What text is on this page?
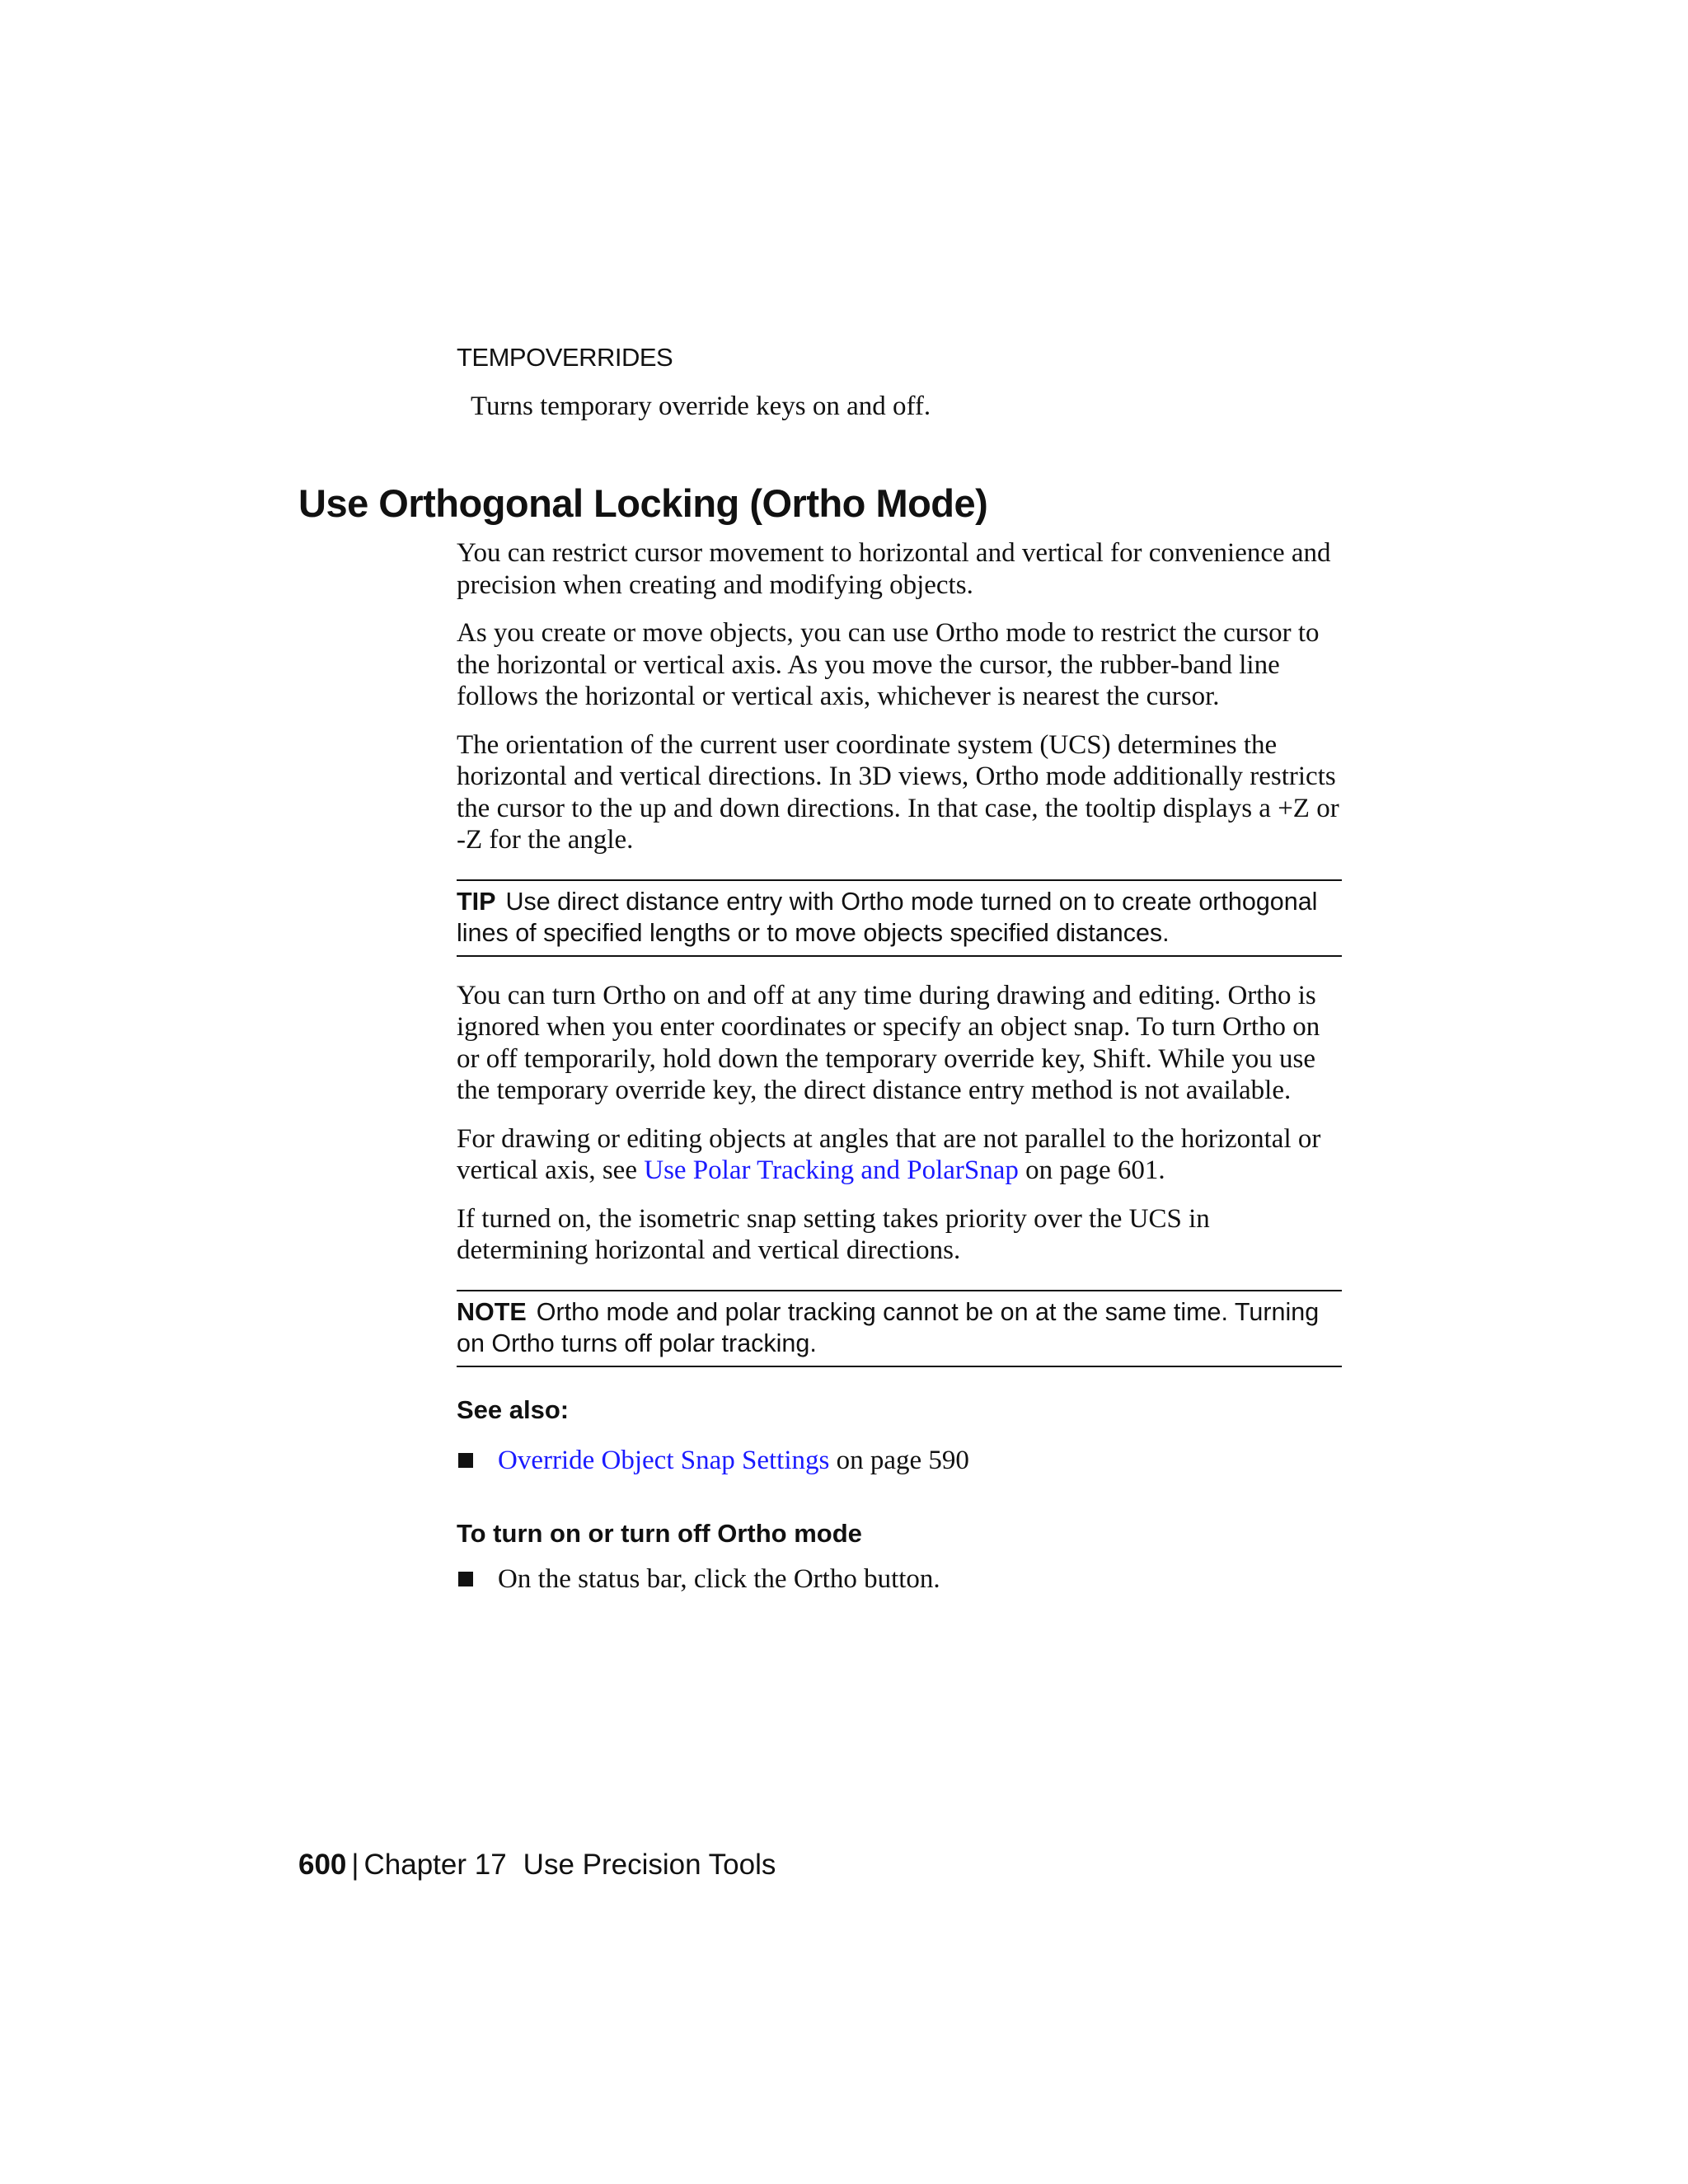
TEMPOVERRIDES
Turns temporary override keys on and off.
Use Orthogonal Locking (Ortho Mode)

You can restrict cursor movement to horizontal and vertical for convenience and precision when creating and modifying objects.

As you create or move objects, you can use Ortho mode to restrict the cursor to the horizontal or vertical axis. As you move the cursor, the rubber-band line follows the horizontal or vertical axis, whichever is nearest the cursor.

The orientation of the current user coordinate system (UCS) determines the horizontal and vertical directions. In 3D views, Ortho mode additionally restricts the cursor to the up and down directions. In that case, the tooltip displays a +Z or -Z for the angle.

TIP Use direct distance entry with Ortho mode turned on to create orthogonal lines of specified lengths or to move objects specified distances.

You can turn Ortho on and off at any time during drawing and editing. Ortho is ignored when you enter coordinates or specify an object snap. To turn Ortho on or off temporarily, hold down the temporary override key, Shift. While you use the temporary override key, the direct distance entry method is not available.

For drawing or editing objects at angles that are not parallel to the horizontal or vertical axis, see Use Polar Tracking and PolarSnap on page 601.

If turned on, the isometric snap setting takes priority over the UCS in determining horizontal and vertical directions.

NOTE Ortho mode and polar tracking cannot be on at the same time. Turning on Ortho turns off polar tracking.
See also:
Override Object Snap Settings on page 590
To turn on or turn off Ortho mode
On the status bar, click the Ortho button.
600 | Chapter 17 Use Precision Tools
